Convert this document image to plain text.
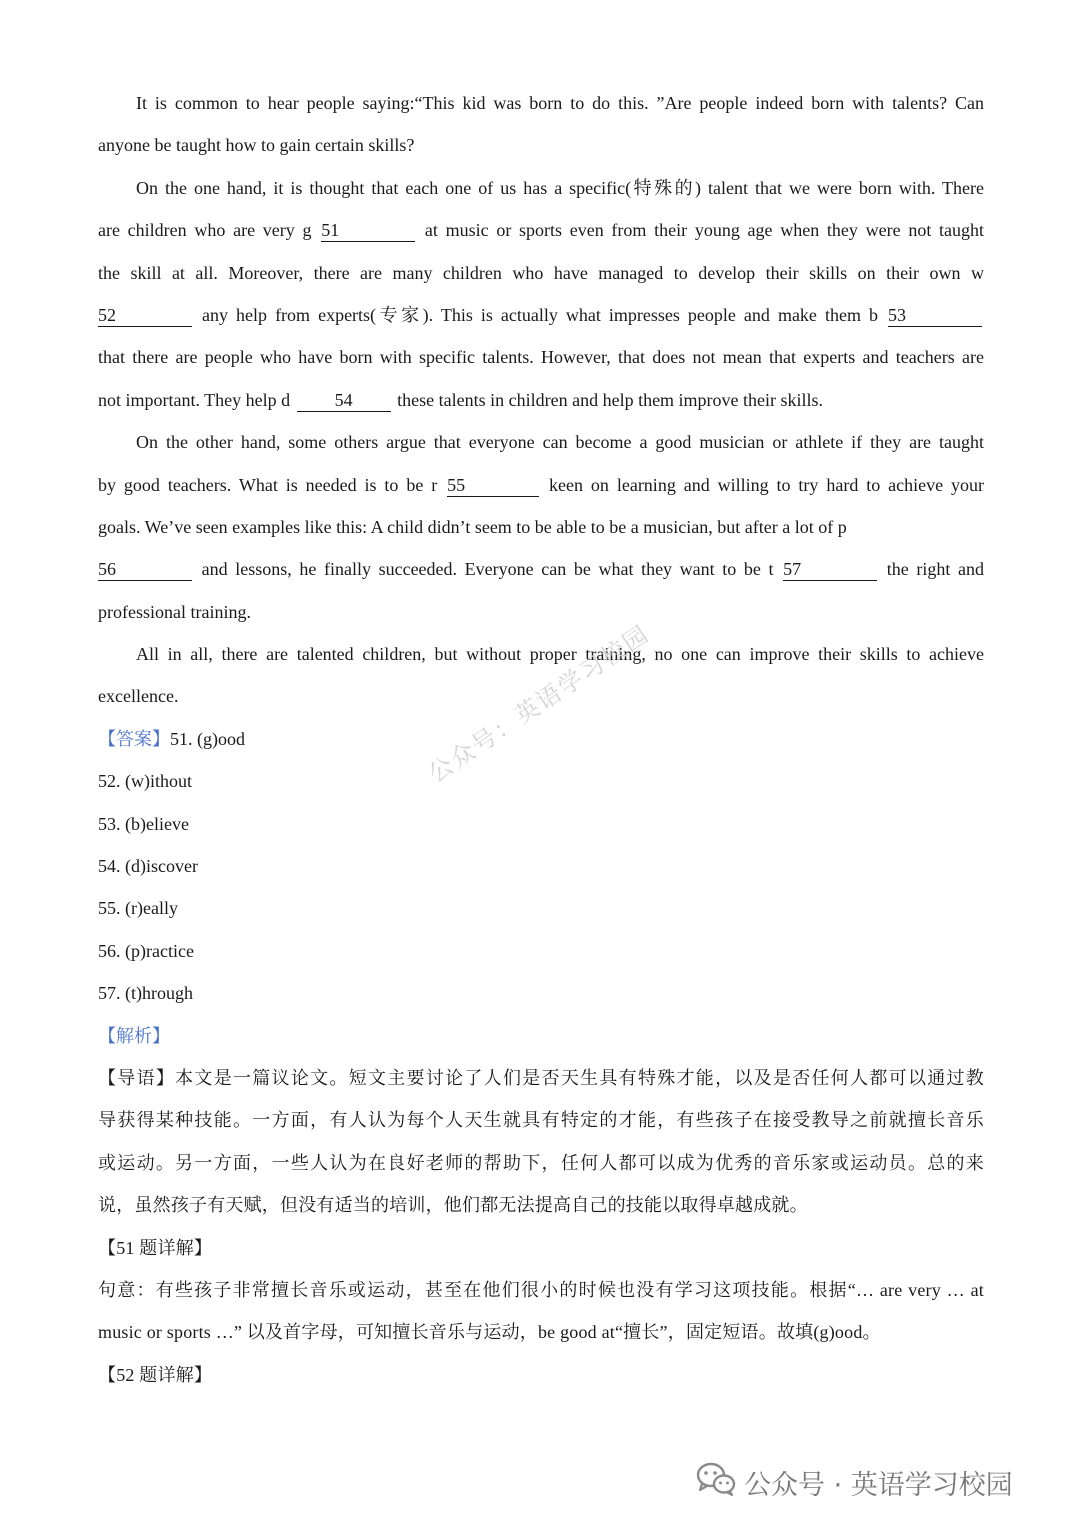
It is common to hear people saying:“This kid was born to do this. ”Are people indeed born with talents? Can
anyone be taught how to gain certain skills?
On the one hand, it is thought that each one of us has a specific(特殊的) talent that we were born with. There
are children who are very g 51	at music or sports even from their young age when they were not taught
the skill at all. Moreover, there are many children who have managed to develop their skills on their own w
52	any help from experts(专家). This is actually what impresses people and make them b 53
that there are people who have born with specific talents. However, that does not mean that experts and teachers are
not important. They help d 54 these talents in children and help them improve their skills.
On the other hand, some others argue that everyone can become a good musician or athlete if they are taught
by good teachers. What is needed is to be r 55	keen on learning and willing to try hard to achieve your
goals. We’ve seen examples like this: A child didn’t seem to be able to be a musician, but after a lot of p
56	and lessons, he finally succeeded. Everyone can be what they want to be t 57	the right and
professional training.
All in all, there are talented children, but without proper training, no one can improve their skills to achieve
excellence.
【答案】51. (g)ood
52. (w)ithout
53. (b)elieve
54. (d)iscover
55. (r)eally
56. (p)ractice
57. (t)hrough
【解析】
【导语】本文是一篇议论文。短文主要讨论了人们是否天生具有特殊才能，以及是否任何人都可以通过教
导获得某种技能。一方面，有人认为每个人天生就具有特定的才能，有些孩子在接受教导之前就擅长音乐
或运动。另一方面，一些人认为在良好老师的帮助下，任何人都可以成为优秀的音乐家或运动员。总的来
说，虽然孩子有天赋，但没有适当的培训，他们都无法提高自己的技能以取得卓越成就。
【51 题详解】
句意：有些孩子非常擅长音乐或运动，甚至在他们很小的时候也没有学习这项技能。根据“… are very … at
music or sports …” 以及首字母，可知擅长音乐与运动，be good at“擅长”，固定短语。故填(g)ood。
【52 题详解】
公众号：英语学习校园
公众号 · 英语学习校园
